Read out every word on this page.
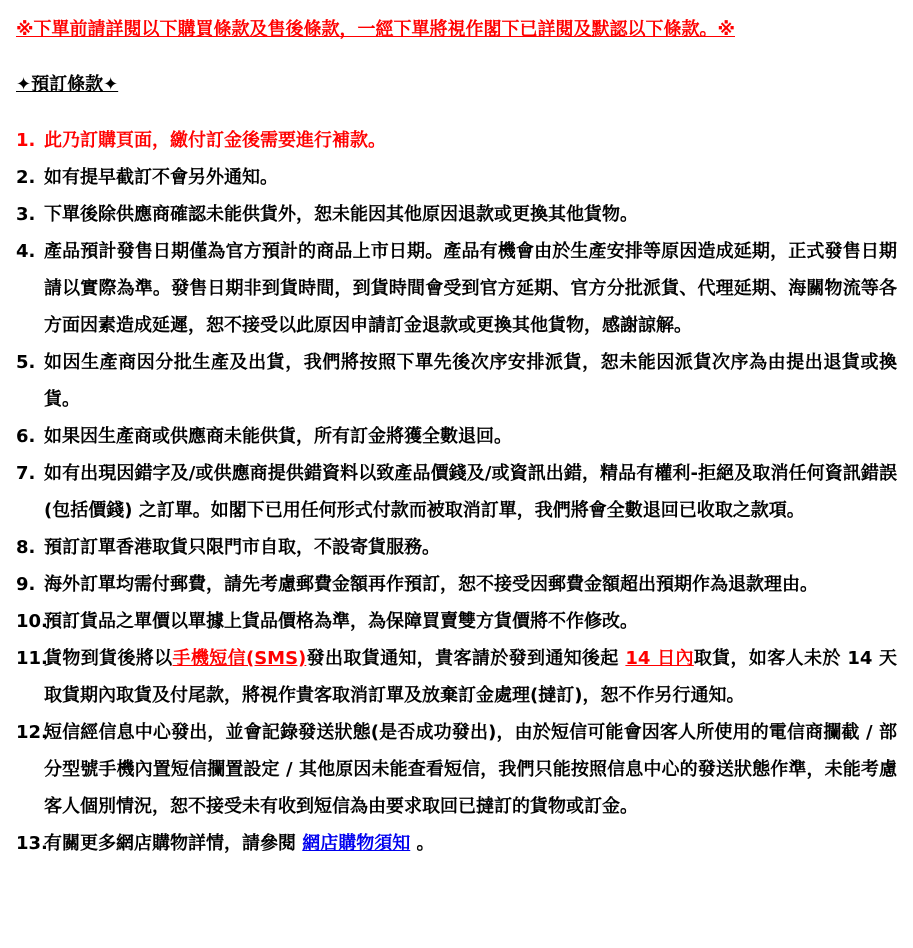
※下單前請詳閱以下購買條款及售後條款，一經下單將視作閣下已詳閱及默認以下條款。※
✦預訂條款✦
1. 此乃訂購頁面，繳付訂金後需要進行補款。
2. 如有提早截訂不會另外通知。
3. 下單後除供應商確認未能供貨外，恕未能因其他原因退款或更換其他貨物。
4. 產品預計發售日期僅為官方預計的商品上市日期。產品有機會由於生產安排等原因造成延期，正式發售日期請以實際為準。發售日期非到貨時間，到貨時間會受到官方延期、官方分批派貨、代理延期、海關物流等各方面因素造成延遲，恕不接受以此原因申請訂金退款或更換其他貨物，感謝諒解。
5. 如因生產商因分批生產及出貨，我們將按照下單先後次序安排派貨，恕未能因派貨次序為由提出退貨或換貨。
6. 如果因生產商或供應商未能供貨，所有訂金將獲全數退回。
7. 如有出現因錯字及/或供應商提供錯資料以致產品價錢及/或資訊出錯，精品有權利-拒絕及取消任何資訊錯誤(包括價錢) 之訂單。如閣下已用任何形式付款而被取消訂單，我們將會全數退回已收取之款項。
8. 預訂訂單香港取貨只限門市自取，不設寄貨服務。
9. 海外訂單均需付郵費，請先考慮郵費金額再作預訂，恕不接受因郵費金額超出預期作為退款理由。
10.
預訂貨品之單價以單據上貨品價格為準，為保障買賣雙方貨價將不作修改。
11.
貨物到貨後將以手機短信(SMS)發出取貨通知，貴客請於發到通知後起 14 日內取貨，如客人未於 14 天取貨期內取貨及付尾款，將視作貴客取消訂單及放棄訂金處理(撻訂)，恕不作另行通知。
12.
短信經信息中心發出，並會記錄發送狀態(是否成功發出)，由於短信可能會因客人所使用的電信商攔截 / 部分型號手機內置短信攔置設定 / 其他原因未能查看短信，我們只能按照信息中心的發送狀態作準，未能考慮客人個別情況，恕不接受未有收到短信為由要求取回已撻訂的貨物或訂金。
13.
有關更多網店購物詳情，請參閱 網店購物須知 。
